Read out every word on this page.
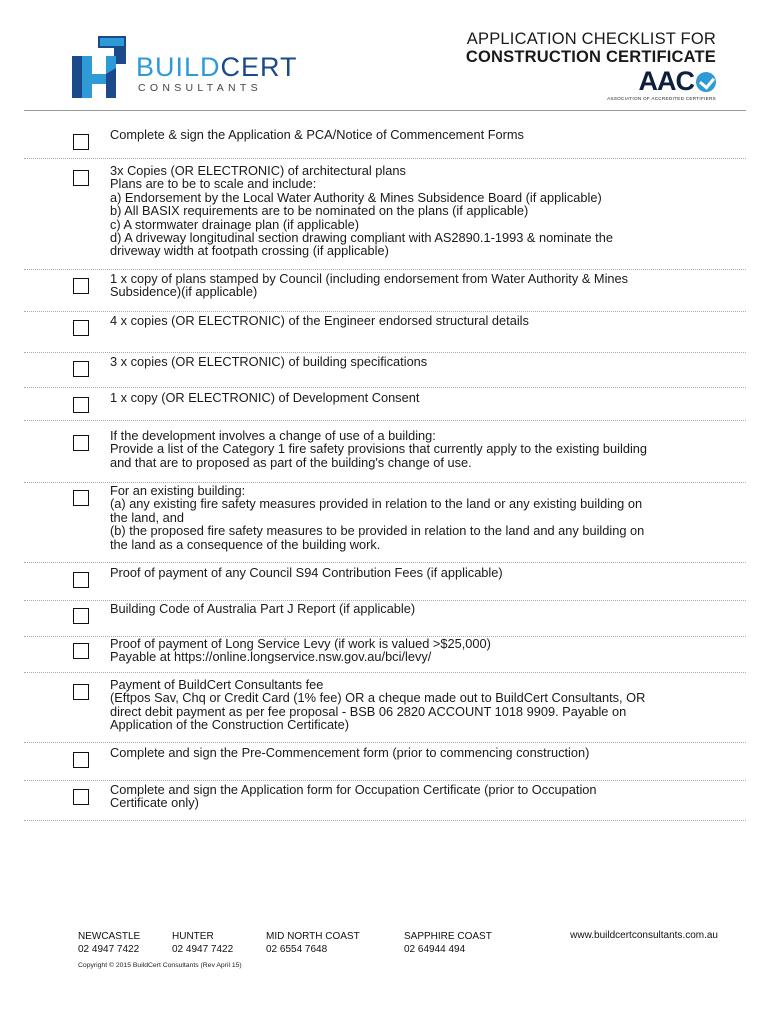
BUILDCERT
CONSULTANTS
APPLICATION CHECKLIST FOR
CONSTRUCTION CERTIFICATE
AAC
ASSOCIATION OF ACCREDITED CERTIFIERS
Complete & sign the Application & PCA/Notice of Commencement Forms
3x Copies (OR ELECTRONIC) of architectural plans
Plans are to be to scale and include:
a) Endorsement by the Local Water Authority & Mines Subsidence Board (if applicable)
b) All BASIX requirements are to be nominated on the plans (if applicable)
c) A stormwater drainage plan (if applicable)
d) A driveway longitudinal section drawing compliant with AS2890.1-1993 & nominate the
driveway width at footpath crossing (if applicable)
1 x copy of plans stamped by Council (including endorsement from Water Authority & Mines
Subsidence)(if applicable)
4 x copies (OR ELECTRONIC) of the Engineer endorsed structural details
3 x copies (OR ELECTRONIC) of building specifications
1 x copy (OR ELECTRONIC) of Development Consent
If the development involves a change of use of a building:
Provide a list of the Category 1 fire safety provisions that currently apply to the existing building
and that are to proposed as part of the building's change of use.
For an existing building:
(a) any existing fire safety measures provided in relation to the land or any existing building on
the land, and
(b) the proposed fire safety measures to be provided in relation to the land and any building on
the land as a consequence of the building work.
Proof of payment of any Council S94 Contribution Fees (if applicable)
Building Code of Australia Part J Report (if applicable)
Proof of payment of Long Service Levy (if work is valued >$25,000)
Payable at https://online.longservice.nsw.gov.au/bci/levy/
Payment of BuildCert Consultants fee
(Eftpos Sav, Chq or Credit Card (1% fee) OR a cheque made out to BuildCert Consultants, OR
direct debit payment as per fee proposal - BSB 06 2820 ACCOUNT 1018 9909. Payable on
Application of the Construction Certificate)
Complete and sign the Pre-Commencement form (prior to commencing construction)
Complete and sign the Application form for Occupation Certificate (prior to Occupation
Certificate only)
NEWCASTLE
02 4947 7422
HUNTER
02 4947 7422
MID NORTH COAST
02 6554 7648
SAPPHIRE COAST
02 64944 494
www.buildcertconsultants.com.au
Copyright © 2015 BuildCert Consultants (Rev April 15)
